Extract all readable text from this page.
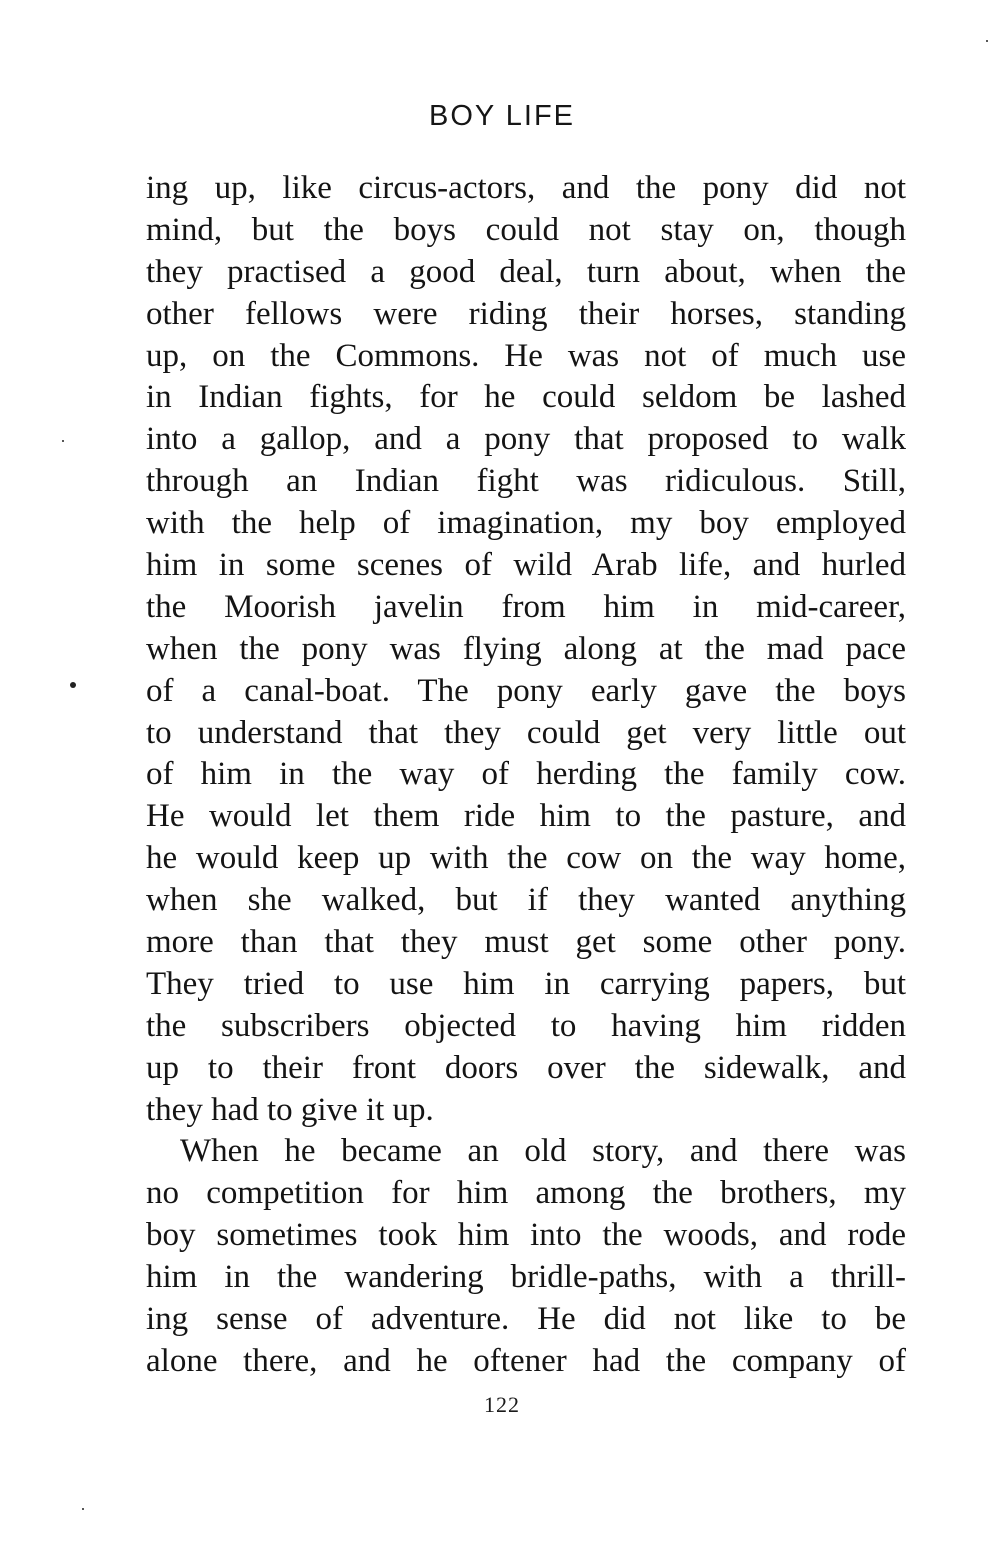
BOY LIFE
ing up, like circus-actors, and the pony did not
mind, but the boys could not stay on, though
they practised a good deal, turn about, when the
other fellows were riding their horses, standing
up, on the Commons. He was not of much use
in Indian fights, for he could seldom be lashed
into a gallop, and a pony that proposed to walk
through an Indian fight was ridiculous. Still,
with the help of imagination, my boy employed
him in some scenes of wild Arab life, and hurled
the Moorish javelin from him in mid-career,
when the pony was flying along at the mad pace
of a canal-boat. The pony early gave the boys
to understand that they could get very little out
of him in the way of herding the family cow.
He would let them ride him to the pasture, and
he would keep up with the cow on the way home,
when she walked, but if they wanted anything
more than that they must get some other pony.
They tried to use him in carrying papers, but
the subscribers objected to having him ridden
up to their front doors over the sidewalk, and
they had to give it up.
When he became an old story, and there was
no competition for him among the brothers, my
boy sometimes took him into the woods, and rode
him in the wandering bridle-paths, with a thrill-
ing sense of adventure. He did not like to be
alone there, and he oftener had the company of
122
